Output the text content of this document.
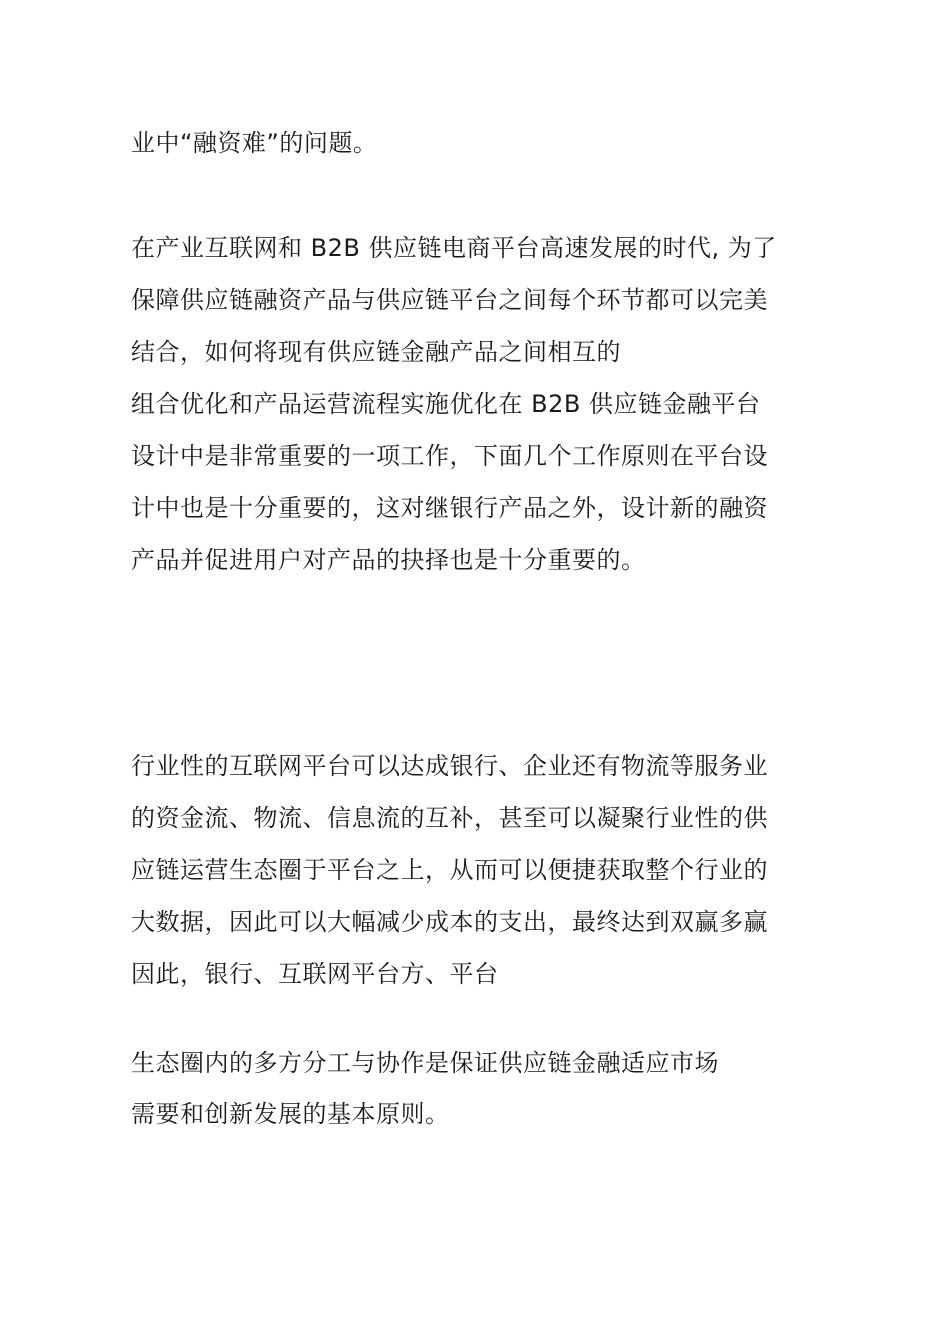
业中“融资难”的问题。
在产业互联网和 B2B 供应链电商平台高速发展的时代, 为了
保障供应链融资产品与供应链平台之间每个环节都可以完美
结合，如何将现有供应链金融产品之间相互的
组合优化和产品运营流程实施优化在 B2B 供应链金融平台
设计中是非常重要的一项工作，下面几个工作原则在平台设
计中也是十分重要的，这对继银行产品之外，设计新的融资
产品并促进用户对产品的抉择也是十分重要的。
行业性的互联网平台可以达成银行、企业还有物流等服务业
的资金流、物流、信息流的互补，甚至可以凝聚行业性的供
应链运营生态圈于平台之上，从而可以便捷获取整个行业的
大数据，因此可以大幅减少成本的支出，最终达到双赢多赢
因此，银行、互联网平台方、平台
生态圈内的多方分工与协作是保证供应链金融适应市场
需要和创新发展的基本原则。
